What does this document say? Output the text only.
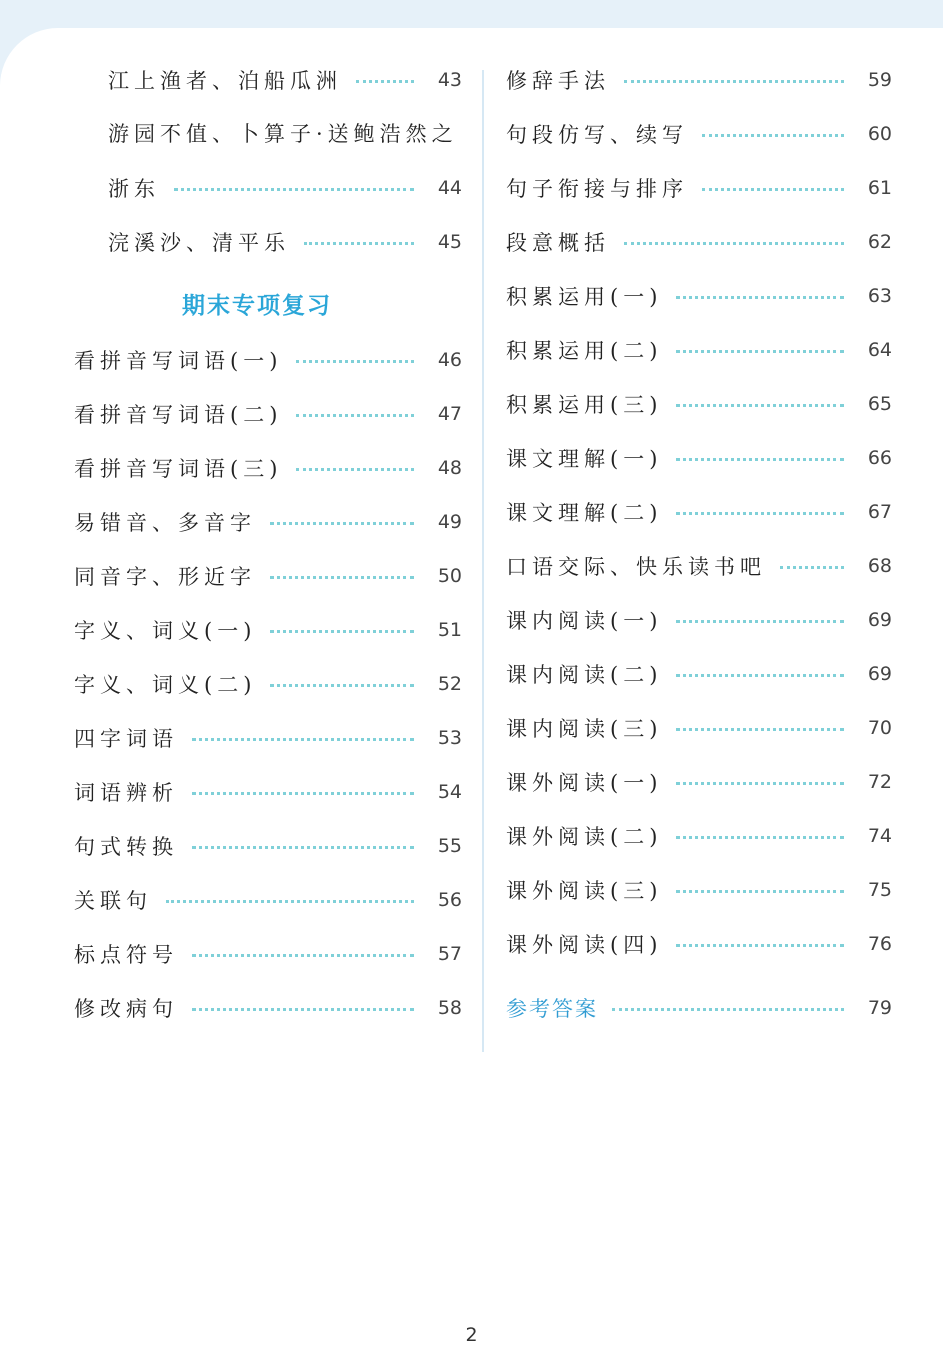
江上渔者、泊船瓜洲	43
游园不值、卜算子·送鲍浩然之
浙东	44
浣溪沙、清平乐	45
期末专项复习
看拼音写词语(一)	46
看拼音写词语(二)	47
看拼音写词语(三)	48
易错音、多音字	49
同音字、形近字	50
字义、词义(一)	51
字义、词义(二)	52
四字词语	53
词语辨析	54
句式转换	55
关联句	56
标点符号	57
修改病句	58
修辞手法	59
句段仿写、续写	60
句子衔接与排序	61
段意概括	62
积累运用(一)	63
积累运用(二)	64
积累运用(三)	65
课文理解(一)	66
课文理解(二)	67
口语交际、快乐读书吧	68
课内阅读(一)	69
课内阅读(二)	69
课内阅读(三)	70
课外阅读(一)	72
课外阅读(二)	74
课外阅读(三)	75
课外阅读(四)	76
参考答案	79
2
